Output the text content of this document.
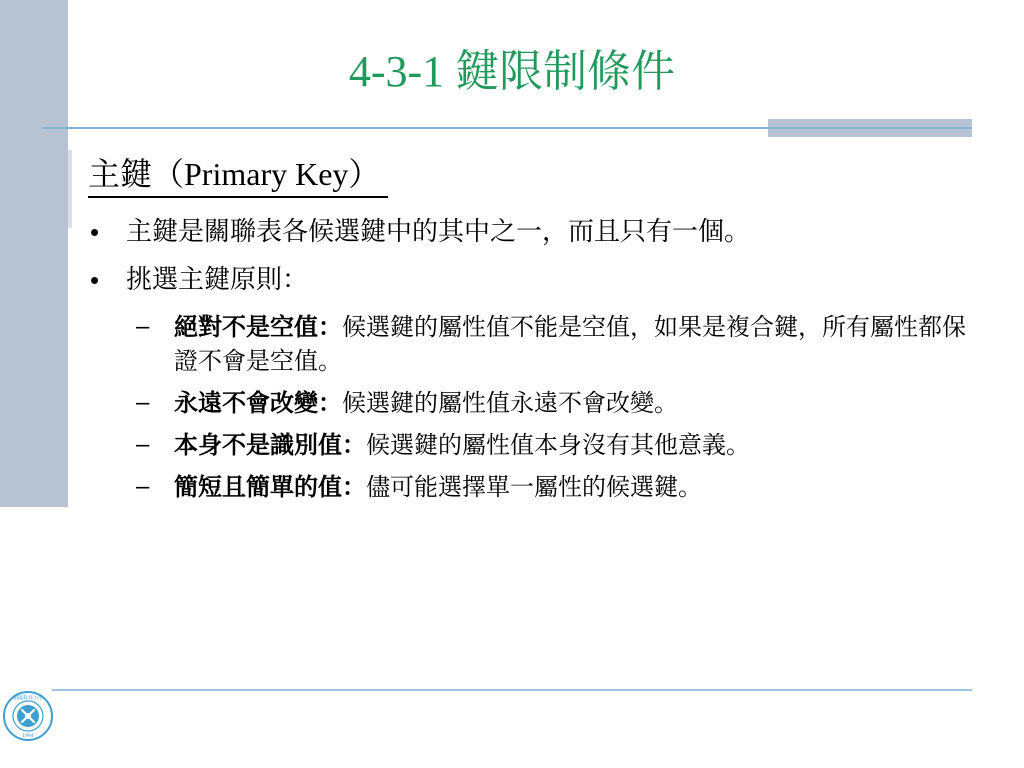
4-3-1 鍵限制條件
主鍵（Primary Key）
• 主鍵是關聯表各候選鍵中的其中之一，而且只有一個。
• 挑選主鍵原則：
– 絕對不是空值：候選鍵的屬性值不能是空值，如果是複合鍵，所有屬性都保證不會是空值。
– 永遠不會改變：候選鍵的屬性值永遠不會改變。
– 本身不是識別值：候選鍵的屬性值本身沒有其他意義。
– 簡短且簡單的值：儘可能選擇單一屬性的候選鍵。
朝陽科技大學
1994
